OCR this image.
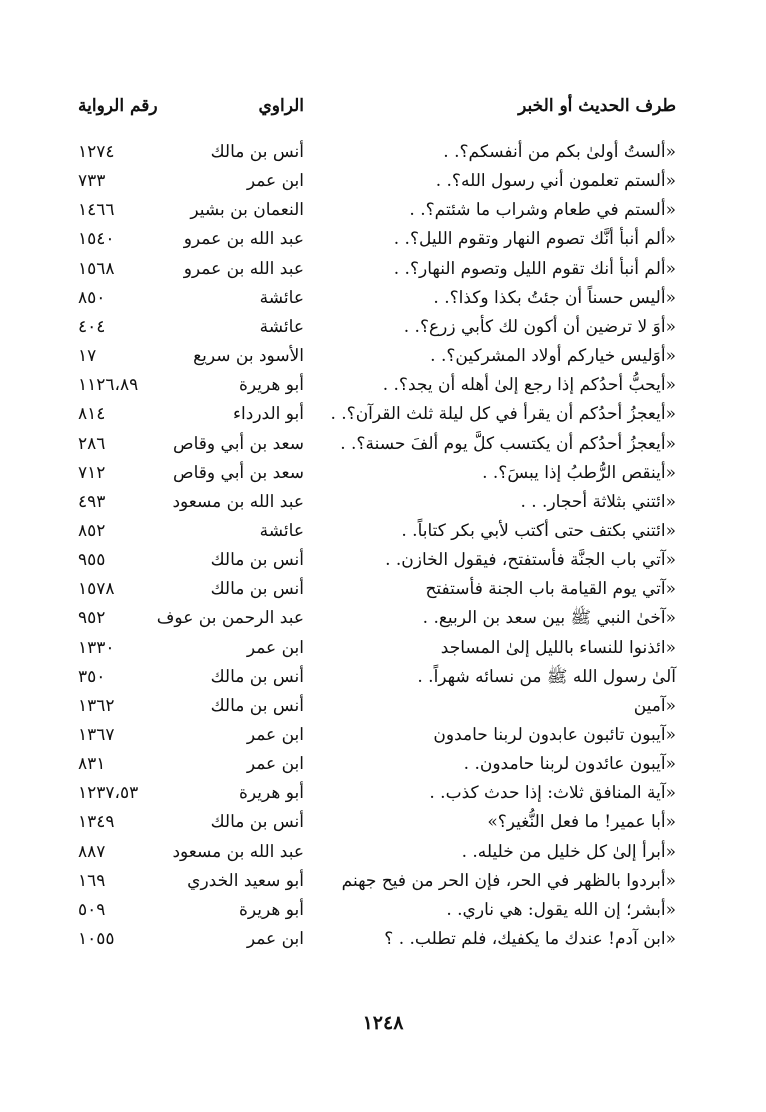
طرف الحديث أو الخبر
الراوي
رقم الرواية
«ألستُ أولىٰ بكم من أنفسكم؟. .
أنس بن مالك
١٢٧٤
«ألستم تعلمون أني رسول الله؟. .
ابن عمر
٧٣٣
«ألستم في طعام وشراب ما شئتم؟. .
النعمان بن بشير
١٤٦٦
«ألم أنبأ أنَّك تصوم النهار وتقوم الليل؟. .
عبد الله بن عمرو
١٥٤٠
«ألم أنبأ أنك تقوم الليل وتصوم النهار؟. .
عبد الله بن عمرو
١٥٦٨
«أليس حسناً أن جئتُ بكذا وكذا؟. .
عائشة
٨٥٠
«أوَ لا ترضين أن أكون لك كأبي زرع؟. .
عائشة
٤٠٤
«أوَليس خياركم أولاد المشركين؟. .
الأسود بن سريع
١٧
«أيحبُّ أحدُكم إذا رجع إلىٰ أهله أن يجد؟. .
أبو هريرة
١١٢٦،٨٩
«أيعجزُ أحدُكم أن يقرأ في كل ليلة ثلث القرآن؟. .
أبو الدرداء
٨١٤
«أيعجزُ أحدُكم أن يكتسب كلَّ يوم ألفَ حسنة؟. .
سعد بن أبي وقاص
٢٨٦
«أينقص الرُّطبُ إذا يبسَ؟. .
سعد بن أبي وقاص
٧١٢
«ائتني بثلاثة أحجار. . .
عبد الله بن مسعود
٤٩٣
«ائتني بكتف حتى أكتب لأبي بكر كتاباً. .
عائشة
٨٥٢
«آتي باب الجنَّة فأستفتح، فيقول الخازن. .
أنس بن مالك
٩٥٥
«آتي يوم القيامة باب الجنة فأستفتح
أنس بن مالك
١٥٧٨
«آخىٰ النبي ﷺ بين سعد بن الربيع. .
عبد الرحمن بن عوف
٩٥٢
«ائذنوا للنساء بالليل إلىٰ المساجد
ابن عمر
١٣٣٠
آلىٰ رسول الله ﷺ من نسائه شهراً. .
أنس بن مالك
٣٥٠
«آمين
أنس بن مالك
١٣٦٢
«آيبون تائبون عابدون لربنا حامدون
ابن عمر
١٣٦٧
«آيبون عائدون لربنا حامدون. .
ابن عمر
٨٣١
«آية المنافق ثلاث: إذا حدث كذب. .
أبو هريرة
١٢٣٧،٥٣
«أبا عمير! ما فعل النُّغير؟»
أنس بن مالك
١٣٤٩
«أبرأ إلىٰ كل خليل من خليله. .
عبد الله بن مسعود
٨٨٧
«أبردوا بالظهر في الحر، فإن الحر من فيح جهنم
أبو سعيد الخدري
١٦٩
«أبشر؛ إن الله يقول: هي ناري. .
أبو هريرة
٥٠٩
«ابن آدم! عندك ما يكفيك، فلم تطلب. . ؟
ابن عمر
١٠٥٥
١٢٤٨
